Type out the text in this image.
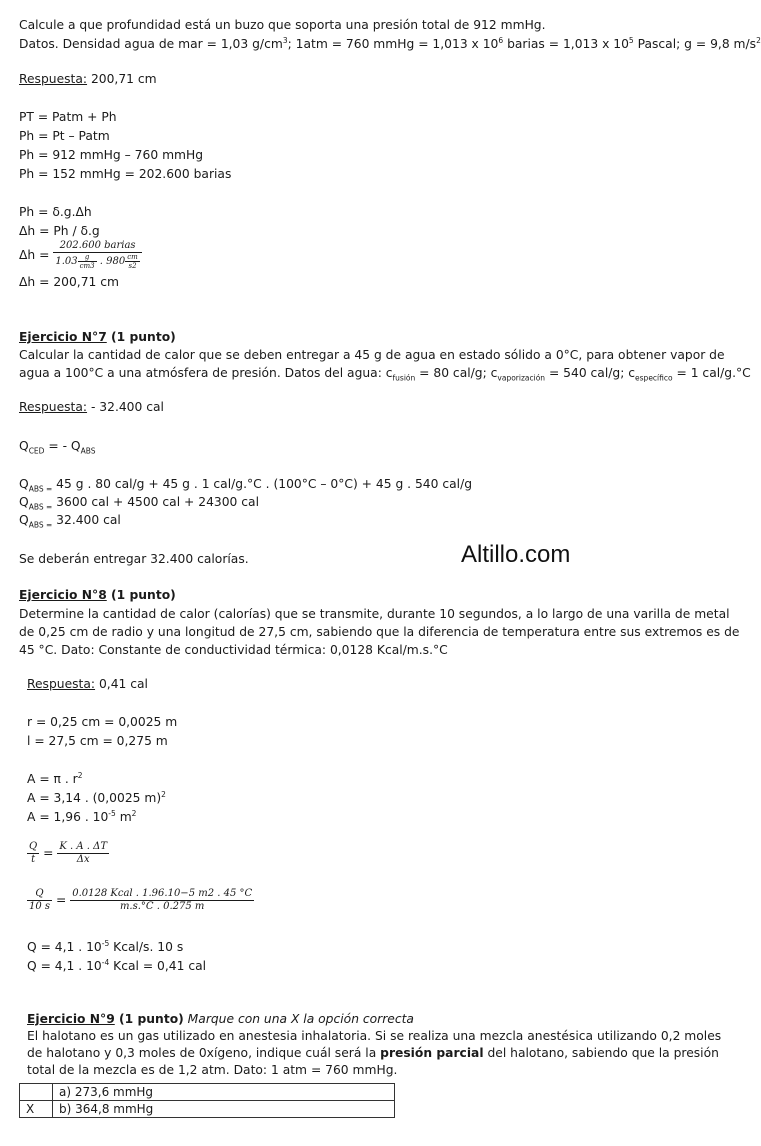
Calcule a que profundidad está un buzo que soporta una presión total de 912 mmHg.
Datos. Densidad agua de mar = 1,03 $g/cm^3$; 1atm = 760 mmHg = 1,013 x $10^6$ barias = 1,013 x $10^5$ Pascal; g = 9,8 $m/s^2$
Respuesta: 200,71 cm
PT = Patm + Ph
Ph = Pt – Patm
Ph = 912 mmHg – 760 mmHg
Ph = 152 mmHg = 202.600 barias
Ph = δ.g.Δh
Δh = Ph / δ.g
$\Delta h = \frac{\text{202.600 barias}}{1.03 \frac{g}{cm3} . 980 \frac{cm}{s2}}$
Δh = 200,71 cm
Ejercicio N°7 (1 punto)
Calcular la cantidad de calor que se deben entregar a 45 g de agua en estado sólido a 0°C, para obtener vapor de
agua a 100°C a una atmósfera de presión. Datos del agua: $c_{fusión} = 80$ cal/g; $c_{vaporización} = 540$ cal/g; $c_{específico} = 1$ cal/g.°C
Respuesta: - 32.400 cal
$Q_{CED}$ = - $Q_{ABS}$
$Q_{ABS =}$ 45 g . 80 cal/g + 45 g . 1 cal/g.°C . (100°C – 0°C) + 45 g . 540 cal/g
$Q_{ABS =}$ 3600 cal + 4500 cal + 24300 cal
$Q_{ABS =}$ 32.400 cal
Se deberán entregar 32.400 calorías.	Altillo.com
Ejercicio N°8 (1 punto)
Determine la cantidad de calor (calorías) que se transmite, durante 10 segundos, a lo largo de una varilla de metal
de 0,25 cm de radio y una longitud de 27,5 cm, sabiendo que la diferencia de temperatura entre sus extremos es de
45 °C. Dato: Constante de conductividad térmica: 0,0128 Kcal/m.s.°C
Respuesta: 0,41 cal
r = 0,25 cm = 0,0025 m
l = 27,5 cm = 0,275 m
A = π . $r^2$
A = 3,14 . (0,0025 m)$^2$
A = 1,96 . $10^{-5}$ $m^2$
$\frac{Q}{t} = \frac{K . A . \Delta T}{\Delta x}$
$\frac{Q}{10 s} = \frac{\text{0.0128 Kcal . 1.96.10−5 m2 . 45 °C}}{m.s.^\circ C . 0.275 m}$
Q = 4,1 . $10^{-5}$ Kcal/s. 10 s
Q = 4,1 . $10^{-4}$ Kcal = 0,41 cal
Ejercicio N°9 (1 punto) Marque con una X la opción correcta
El halotano es un gas utilizado en anestesia inhalatoria. Si se realiza una mezcla anestésica utilizando 0,2 moles
de halotano y 0,3 moles de 0xígeno, indique cuál será la presión parcial del halotano, sabiendo que la presión
total de la mezcla es de 1,2 atm. Dato: 1 atm = 760 mmHg.
	a) 273,6 mmHg
X	b) 364,8 mmHg
